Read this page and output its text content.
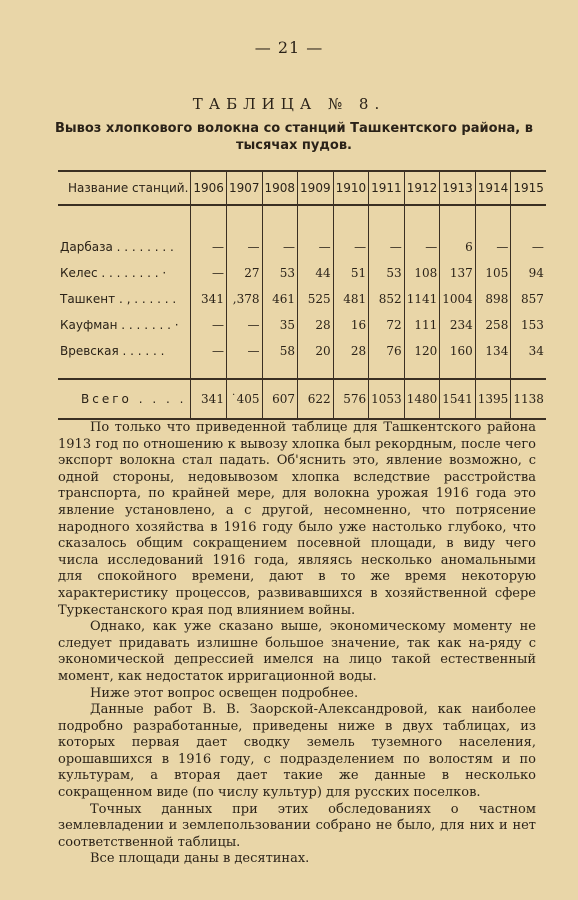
— 21 —
ТАБЛИЦА № 8.
Вывоз хлопкового волокна со станций Ташкентского района, в тысячах пудов.
Название станций.	1906	1907	1908	1909	1910	1911	1912	1913	1914	1915

Дарбаза . . . . . . . .	—	—	—	—	—	—	—	6	—	—
Келес . . . . . . . . ·	—	27	53	44	51	53	108	137	105	94
Ташкент . ‚ . . . . . .	341	,378	461	525	481	852	1141	1004	898	857
Кауфман . . . . . . . ·	—	—	35	28	16	72	111	234	258	153
Вревская . . . . . .	—	—	58	20	28	76	120	160	134	34

Всего . . . .	341	˙405	607	622	576	1053	1480	1541	1395	1138

По только что приведенной таблице для Ташкентского района 1913 год по отношению к вывозу хлопка был рекордным, после чего экспорт волокна стал падать. Об'яснить это, явление возможно, с одной стороны, недовывозом хлопка вследствие расстройства транспорта, по крайней мере, для волокна урожая 1916 года это явление установлено, а с другой, несомненно, что потрясение народного хозяйства в 1916 году было уже настолько глубоко, что сказалось общим сокращением посевной площади, в виду чего числа исследований 1916 года, являясь несколько аномальными для спокойного времени, дают в то же время некоторую характеристику процессов, развивавшихся в хозяйственной сфере Туркестанского края под влиянием войны.

Однако, как уже сказано выше, экономическому моменту не следует придавать излишне большое значение, так как на-ряду с экономической депрессией имелся на лицо такой естественный момент, как недостаток ирригационной воды.

Ниже этот вопрос освещен подробнее.

Данные работ В. В. Заорской-Александровой, как наиболее подробно разработанные, приведены ниже в двух таблицах, из которых первая дает сводку земель туземного населения, орошавшихся в 1916 году, с подразделением по волостям и по культурам, а вторая дает такие же данные в несколько сокращенном виде (по числу культур) для русских поселков.

Точных данных при этих обследованиях о частном землевладении и землепользовании собрано не было, для них и нет соответственной таблицы.

Все площади даны в десятинах.
